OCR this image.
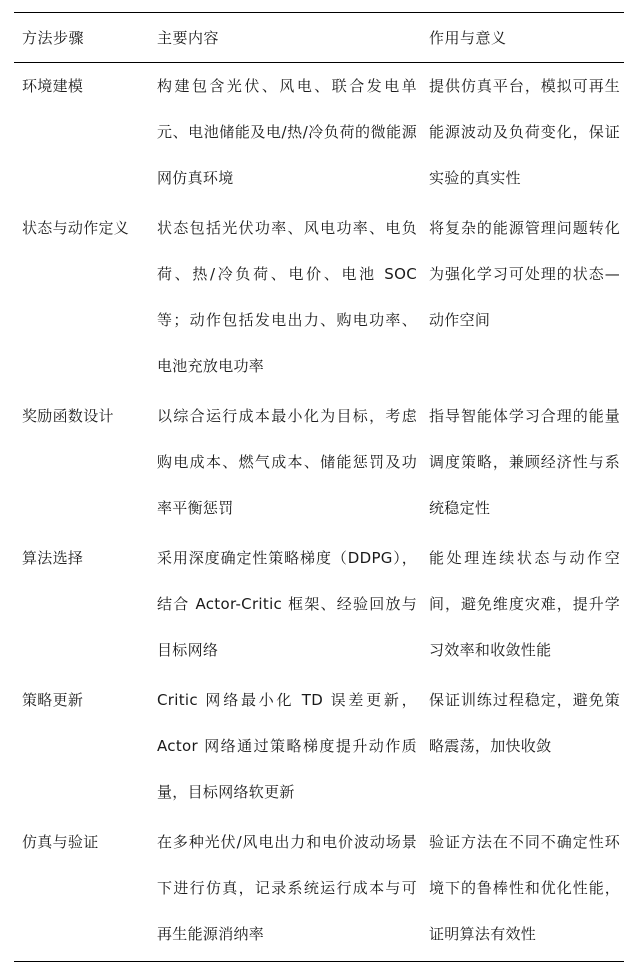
方法步骤	主要内容	作用与意义

环境建模	构建包含光伏、风电、联合发电单元、电池储能及电/热/冷负荷的微能源网仿真环境	提供仿真平台，模拟可再生能源波动及负荷变化，保证实验的真实性

状态与动作定义	状态包括光伏功率、风电功率、电负荷、热/冷负荷、电价、电池 SOC 等；动作包括发电出力、购电功率、电池充放电功率	将复杂的能源管理问题转化为强化学习可处理的状态—动作空间

奖励函数设计	以综合运行成本最小化为目标，考虑购电成本、燃气成本、储能惩罚及功率平衡惩罚	指导智能体学习合理的能量调度策略，兼顾经济性与系统稳定性

算法选择	采用深度确定性策略梯度（DDPG），结合 Actor-Critic 框架、经验回放与目标网络	能处理连续状态与动作空间，避免维度灾难，提升学习效率和收敛性能

策略更新	Critic 网络最小化 TD 误差更新，Actor 网络通过策略梯度提升动作质量，目标网络软更新	保证训练过程稳定，避免策略震荡，加快收敛

仿真与验证	在多种光伏/风电出力和电价波动场景下进行仿真，记录系统运行成本与可再生能源消纳率	验证方法在不同不确定性环境下的鲁棒性和优化性能，证明算法有效性
